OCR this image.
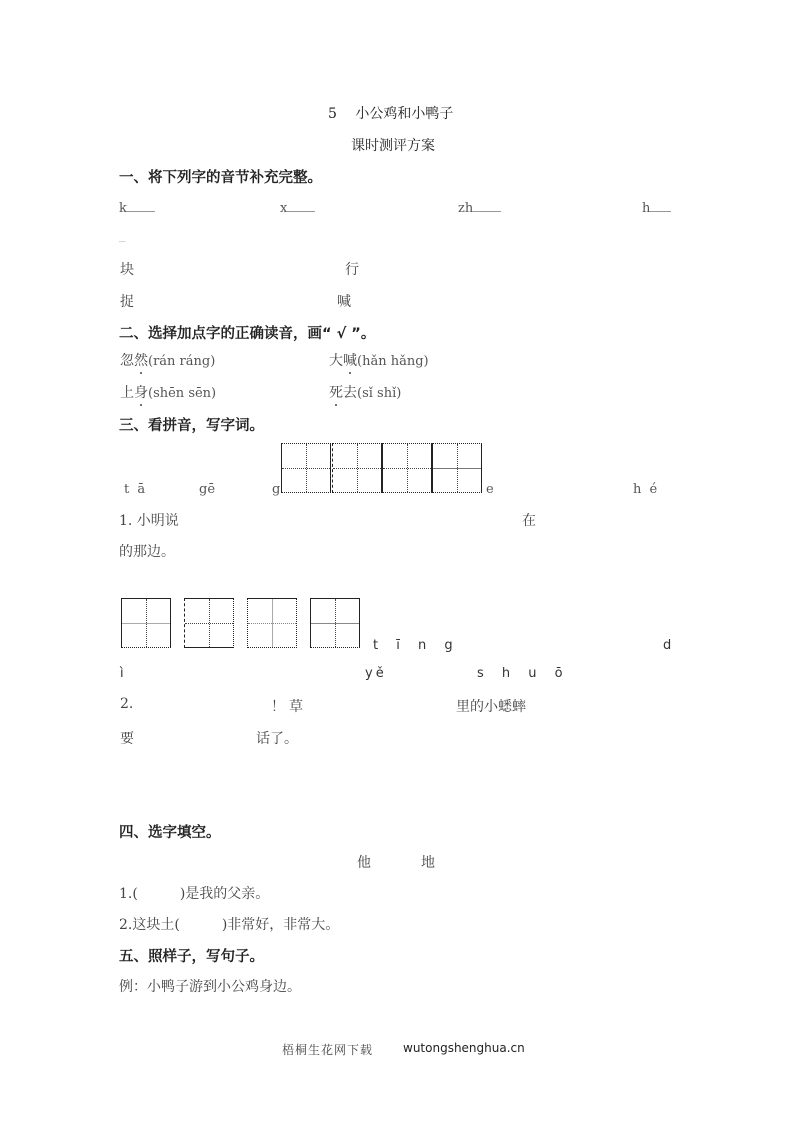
5 小公鸡和小鸭子
课时测评方案
一、将下列字的音节补充完整。
k	x	zh	h
_
块	行
捉	喊
二、选择加点字的正确读音，画“ √ ”。
忽然(rán ráng)	大喊(hǎn hǎng)
上身(shēn sēn)	死去(sǐ shǐ)
三、看拼音，写字词。
t ā	gē	g	e	h é
1. 小明说	在
的那边。
t ī n g	d
ì	yě	s h u ō
2.	！草	里的小蟋蟀
要	话了。
四、选字填空。
他	地
1.(　　　)是我的父亲。
2.这块土(　　　)非常好，非常大。
五、照样子，写句子。
例：小鸭子游到小公鸡身边。
梧桐生花网下载 wutongshenghua.cn
